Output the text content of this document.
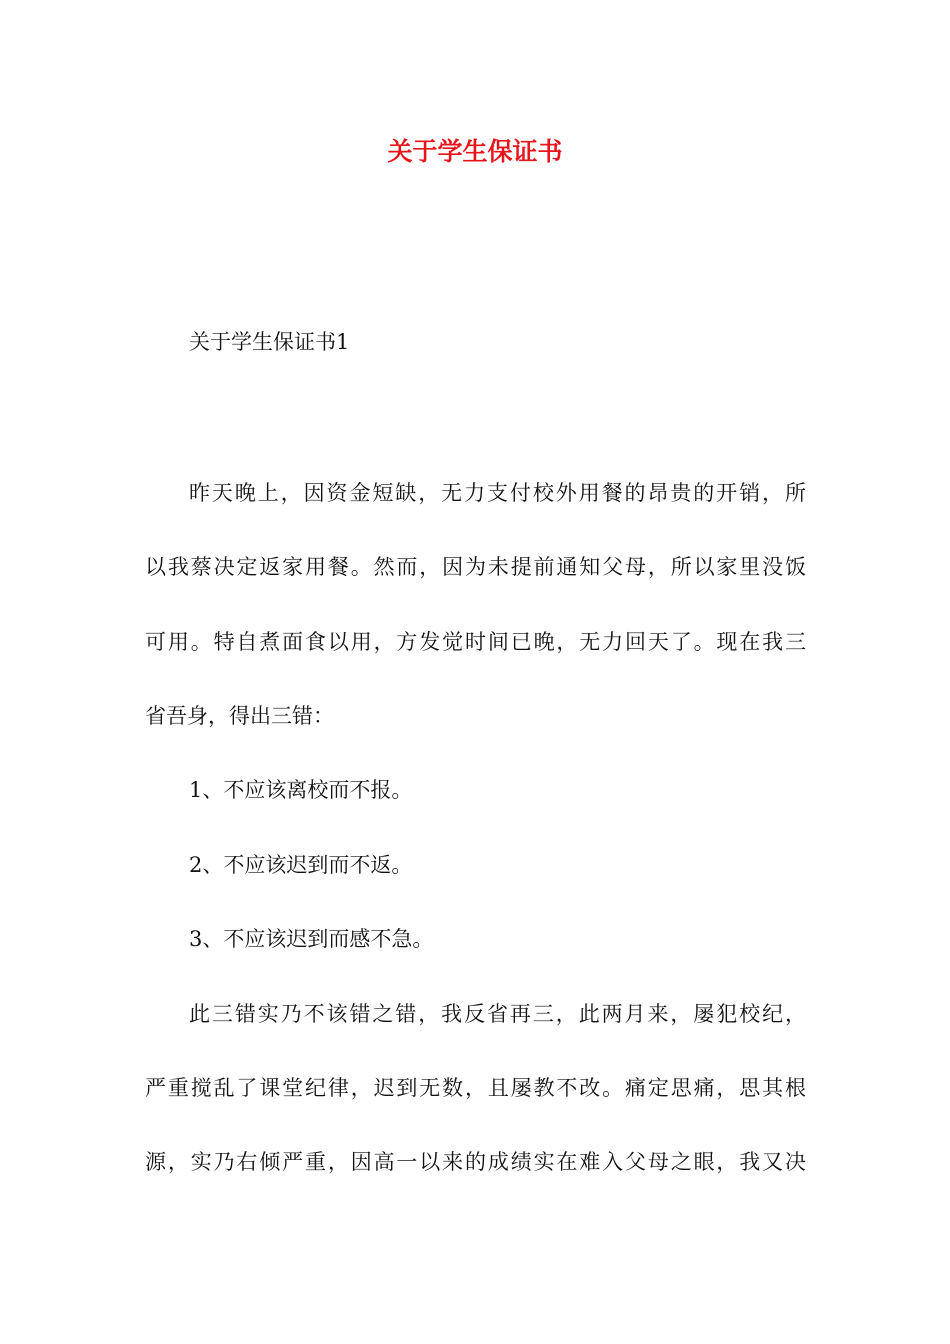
关于学生保证书
关于学生保证书1

昨天晚上，因资金短缺，无力支付校外用餐的昂贵的开销，所

以我蔡决定返家用餐。然而，因为未提前通知父母，所以家里没饭

可用。特自煮面食以用，方发觉时间已晚，无力回天了。现在我三

省吾身，得出三错：

1、不应该离校而不报。

2、不应该迟到而不返。

3、不应该迟到而感不急。

此三错实乃不该错之错，我反省再三，此两月来，屡犯校纪，

严重搅乱了课堂纪律，迟到无数，且屡教不改。痛定思痛，思其根

源，实乃右倾严重，因高一以来的成绩实在难入父母之眼，我又决
